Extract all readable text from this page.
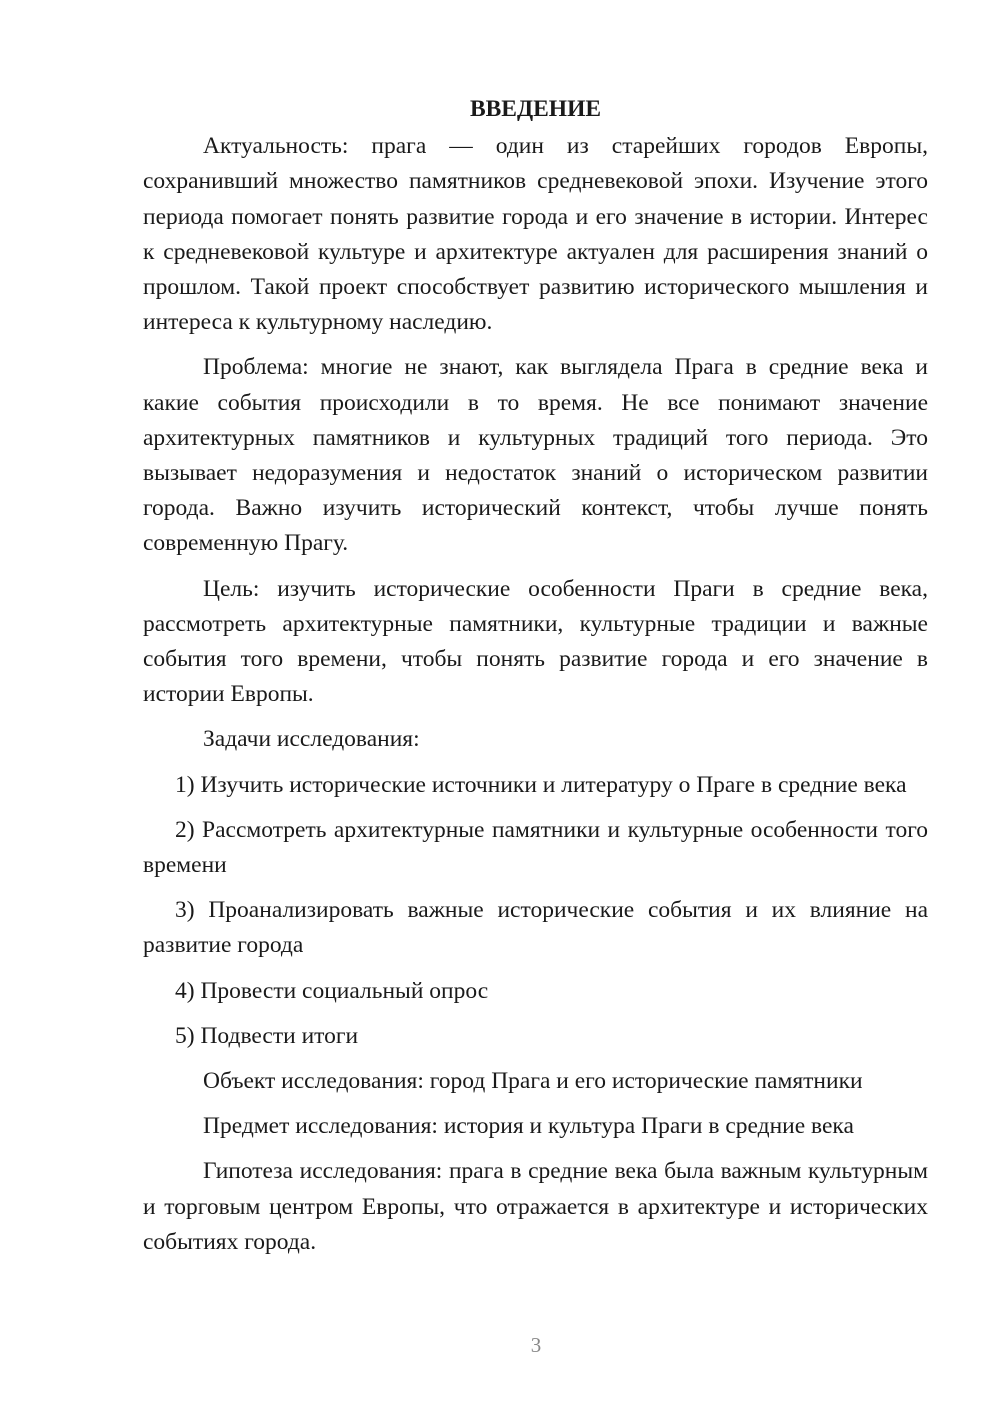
ВВЕДЕНИЕ

Актуальность: прага — один из старейших городов Европы, сохранивший множество памятников средневековой эпохи. Изучение этого периода помогает понять развитие города и его значение в истории. Интерес к средневековой культуре и архитектуре актуален для расширения знаний о прошлом. Такой проект способствует развитию исторического мышления и интереса к культурному наследию.

Проблема: многие не знают, как выглядела Прага в средние века и какие события происходили в то время. Не все понимают значение архитектурных памятников и культурных традиций того периода. Это вызывает недоразумения и недостаток знаний о историческом развитии города. Важно изучить исторический контекст, чтобы лучше понять современную Прагу.

Цель: изучить исторические особенности Праги в средние века, рассмотреть архитектурные памятники, культурные традиции и важные события того времени, чтобы понять развитие города и его значение в истории Европы.

Задачи исследования:

1) Изучить исторические источники и литературу о Праге в средние века

2) Рассмотреть архитектурные памятники и культурные особенности того времени

3) Проанализировать важные исторические события и их влияние на развитие города

4) Провести социальный опрос

5) Подвести итоги

Объект исследования: город Прага и его исторические памятники

Предмет исследования: история и культура Праги в средние века

Гипотеза исследования: прага в средние века была важным культурным и торговым центром Европы, что отражается в архитектуре и исторических событиях города.

3
